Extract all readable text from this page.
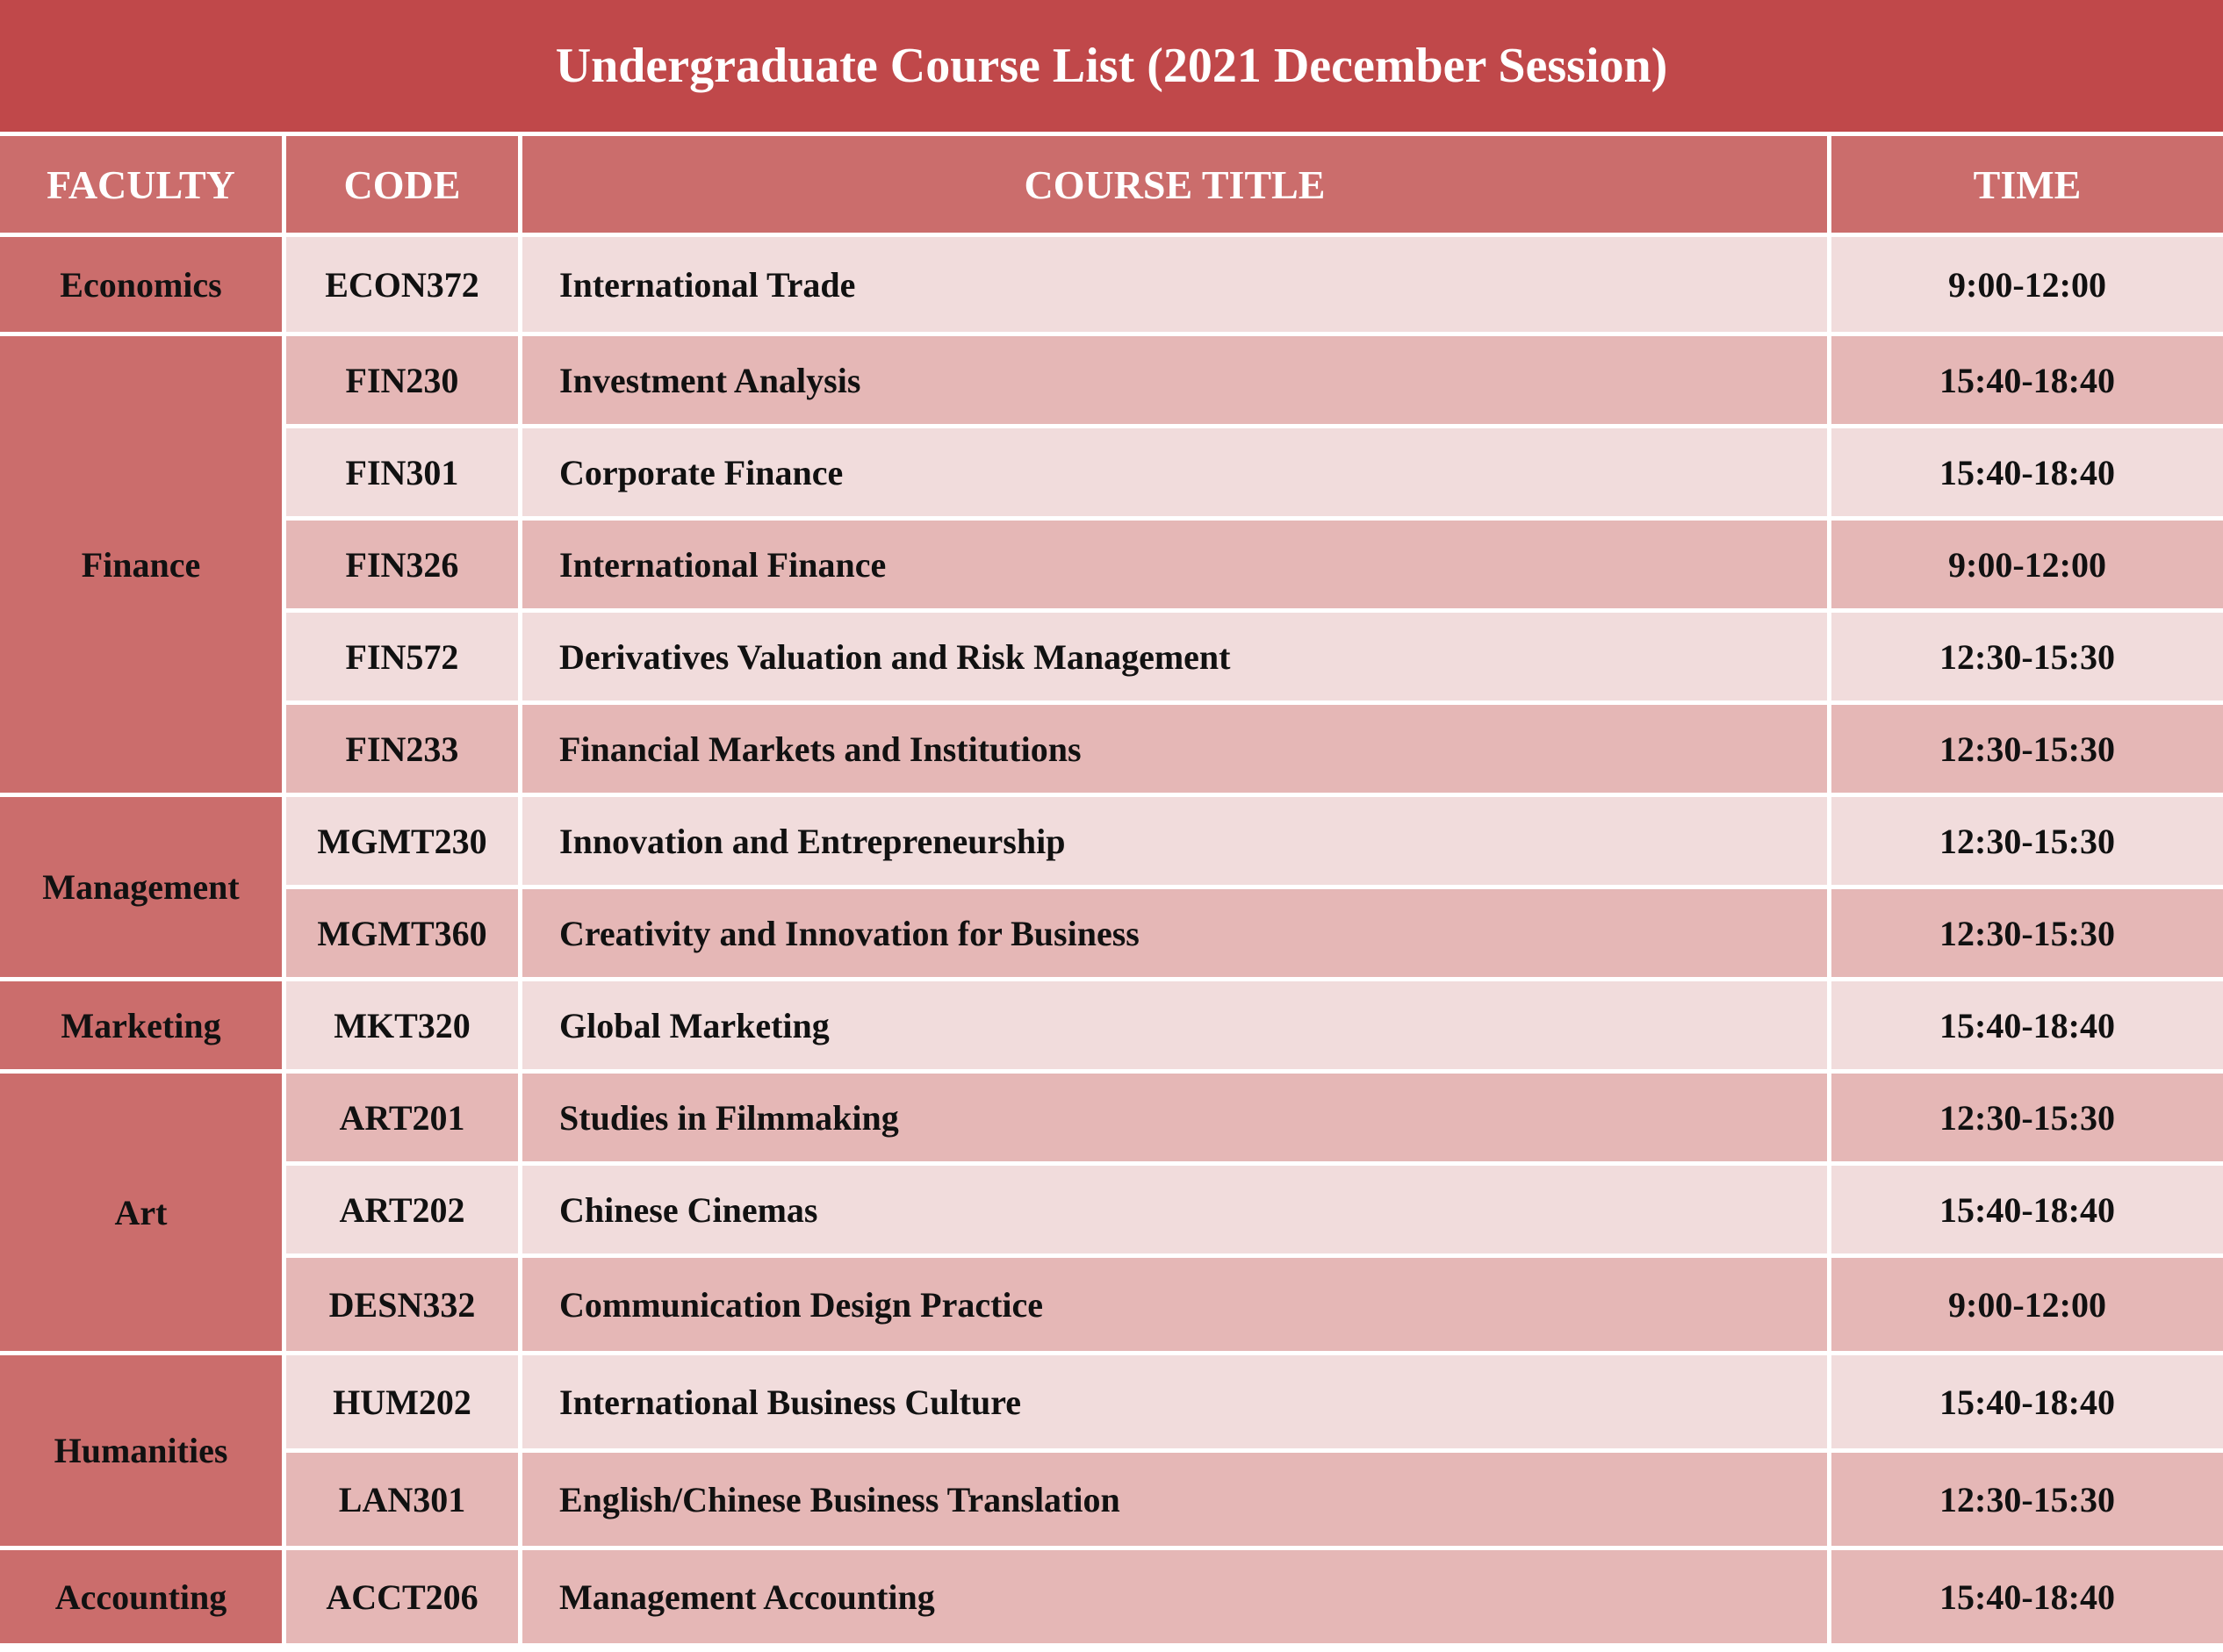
Undergraduate Course List (2021 December Session)			
FACULTY	CODE	COURSE TITLE	TIME
Economics	ECON372	International Trade	9:00-12:00
Finance	FIN230	Investment Analysis	15:40-18:40
	FIN301	Corporate Finance	15:40-18:40
	FIN326	International Finance	9:00-12:00
	FIN572	Derivatives Valuation and Risk Management	12:30-15:30
	FIN233	Financial Markets and Institutions	12:30-15:30
Management	MGMT230	Innovation and Entrepreneurship	12:30-15:30
	MGMT360	Creativity and Innovation for Business	12:30-15:30
Marketing	MKT320	Global Marketing	15:40-18:40
Art	ART201	Studies in Filmmaking	12:30-15:30
	ART202	Chinese Cinemas	15:40-18:40
	DESN332	Communication Design Practice	9:00-12:00
Humanities	HUM202	International Business Culture	15:40-18:40
	LAN301	English/Chinese Business Translation	12:30-15:30
Accounting	ACCT206	Management Accounting	15:40-18:40
